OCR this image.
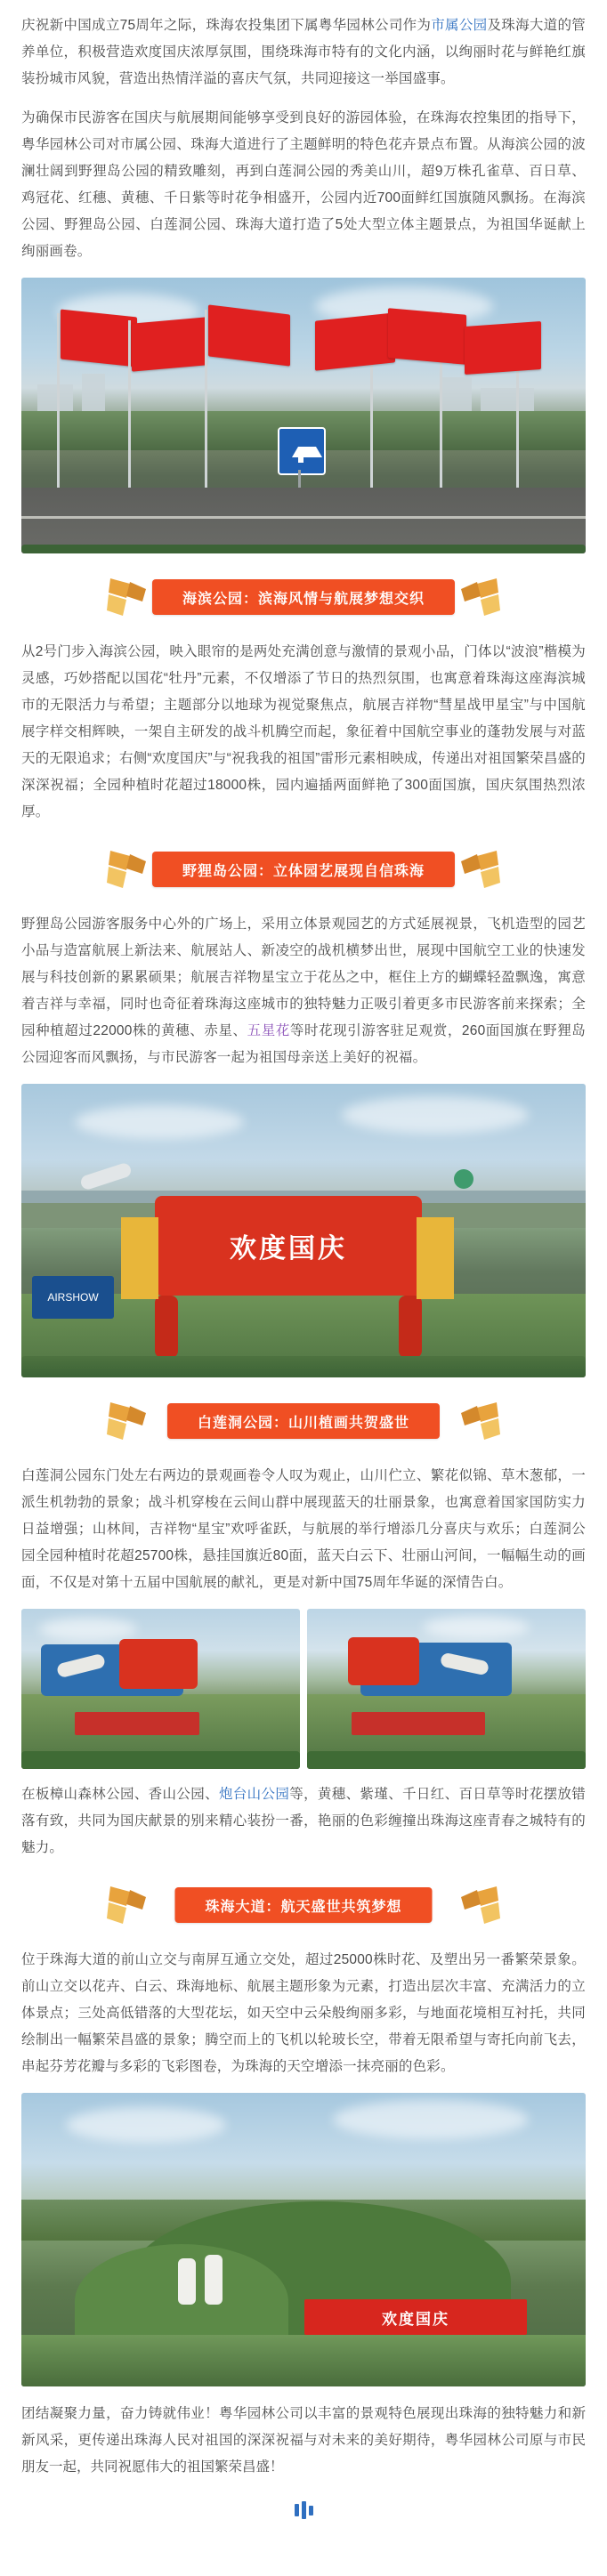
庆祝新中国成立75周年之际，珠海农投集团下属粤华园林公司作为市属公园及珠海大道的管养单位，积极营造欢度国庆浓厚氛围，围绕珠海市特有的文化内涵，以绚丽时花与鲜艳红旗装扮城市风貌，营造出热情洋溢的喜庆气氛，共同迎接这一举国盛事。

为确保市民游客在国庆与航展期间能够享受到良好的游园体验，在珠海农控集团的指导下，粤华园林公司对市属公园、珠海大道进行了主题鲜明的特色花卉景点布置。从海滨公园的波澜壮阔到野狸岛公园的精致雕刻，再到白莲洞公园的秀美山川，超9万株孔雀草、百日草、鸡冠花、红穗、黄穗、千日紫等时花争相盛开，公园内近700面鲜红国旗随风飘扬。在海滨公园、野狸岛公园、白莲洞公园、珠海大道打造了5处大型立体主题景点，为祖国华诞献上绚丽画卷。

海滨公园：滨海风情与航展梦想交织

从2号门步入海滨公园，映入眼帘的是两处充满创意与激情的景观小品，门体以“波浪”楷模为灵感，巧妙搭配以国花“牡丹”元素，不仅增添了节日的热烈氛围，也寓意着珠海这座海滨城市的无限活力与希望；主题部分以地球为视觉聚焦点，航展吉祥物“彗星战甲星宝”与中国航展字样交相辉映，一架自主研发的战斗机腾空而起，象征着中国航空事业的蓬勃发展与对蓝天的无限追求；右侧“欢度国庆”与“祝我我的祖国”雷形元素相映成，传递出对祖国繁荣昌盛的深深祝福；全园种植时花超过18000株，园内遍插两面鲜艳了300面国旗，国庆氛围热烈浓厚。

野狸岛公园：立体园艺展现自信珠海

野狸岛公园游客服务中心外的广场上，采用立体景观园艺的方式延展视景，飞机造型的园艺小品与造富航展上新法来、航展站人、新凌空的战机横梦出世，展现中国航空工业的快速发展与科技创新的累累硕果；航展吉祥物星宝立于花丛之中，框住上方的蝴蝶轻盈飘逸，寓意着吉祥与幸福，同时也奇征着珠海这座城市的独特魅力正吸引着更多市民游客前来探索；全园种植超过22000株的黄穗、赤星、五星花等时花现引游客驻足观赏，260面国旗在野狸岛公园迎客而风飘扬，与市民游客一起为祖国母亲送上美好的祝福。

欢度国庆
AIRSHOW
白莲洞公园：山川植画共贺盛世

白莲洞公园东门处左右两边的景观画卷令人叹为观止，山川伫立、繁花似锦、草木葱郁，一派生机勃勃的景象；战斗机穿梭在云间山群中展现蓝天的壮丽景象，也寓意着国家国防实力日益增强；山林间，吉祥物“星宝”欢呼雀跃，与航展的举行增添几分喜庆与欢乐；白莲洞公园全园种植时花超25700株，悬挂国旗近80面，蓝天白云下、壮丽山河间，一幅幅生动的画面，不仅是对第十五届中国航展的献礼，更是对新中国75周年华诞的深情告白。

在板樟山森林公园、香山公园、炮台山公园等，黄穗、紫瑾、千日红、百日草等时花摆放错落有致，共同为国庆献景的别来精心装扮一番，艳丽的色彩缠撞出珠海这座青春之城特有的魅力。

珠海大道：航天盛世共筑梦想

位于珠海大道的前山立交与南屏互通立交处，超过25000株时花、及塑出另一番繁荣景象。前山立交以花卉、白云、珠海地标、航展主题形象为元素，打造出层次丰富、充满活力的立体景点；三处高低错落的大型花坛，如天空中云朵般绚丽多彩，与地面花境相互衬托，共同绘制出一幅繁荣昌盛的景象；腾空而上的飞机以轮玻长空，带着无限希望与寄托向前飞去，串起芬芳花瓣与多彩的飞彩图卷，为珠海的天空增添一抹亮丽的色彩。

欢度国庆

团结凝聚力量，奋力铸就伟业！粤华园林公司以丰富的景观特色展现出珠海的独特魅力和新新风采，更传递出珠海人民对祖国的深深祝福与对未来的美好期待，粤华园林公司原与市民朋友一起，共同祝愿伟大的祖国繁荣昌盛！
